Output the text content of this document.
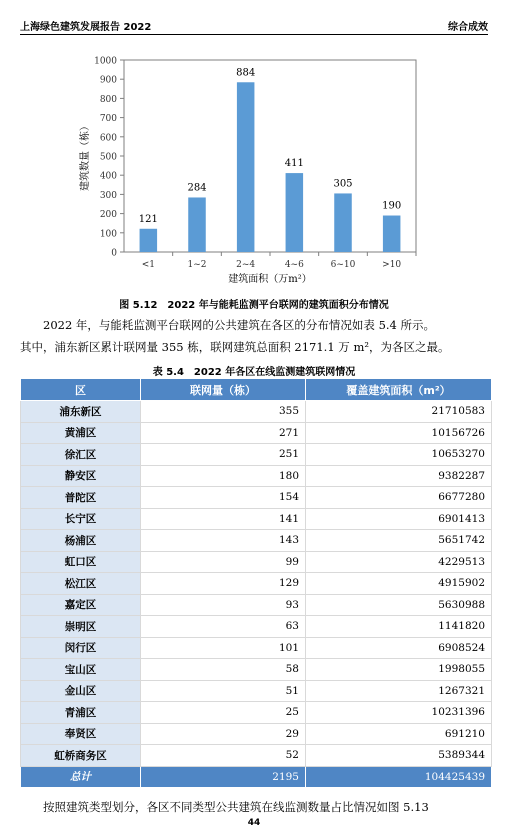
上海绿色建筑发展报告 2022	综合成效
0
100
200
300
400
500
600
700
800
900
1000
121
<1
284
1~2
884
2~4
411
4~6
305
6~10
190
>10
建筑面积（万m²）
建筑数量（栋）
图 5.12　2022 年与能耗监测平台联网的建筑面积分布情况
2022 年，与能耗监测平台联网的公共建筑在各区的分布情况如表 5.4 所示。
其中，浦东新区累计联网量 355 栋，联网建筑总面积 2171.1 万 m²，为各区之最。
表 5.4　2022 年各区在线监测建筑联网情况
区	联网量（栋）	覆盖建筑面积（m²）
浦东新区	355	21710583
黄浦区	271	10156726
徐汇区	251	10653270
静安区	180	9382287
普陀区	154	6677280
长宁区	141	6901413
杨浦区	143	5651742
虹口区	99	4229513
松江区	129	4915902
嘉定区	93	5630988
崇明区	63	1141820
闵行区	101	6908524
宝山区	58	1998055
金山区	51	1267321
青浦区	25	10231396
奉贤区	29	691210
虹桥商务区	52	5389344
总计	2195	104425439
按照建筑类型划分，各区不同类型公共建筑在线监测数量占比情况如图 5.13
44
